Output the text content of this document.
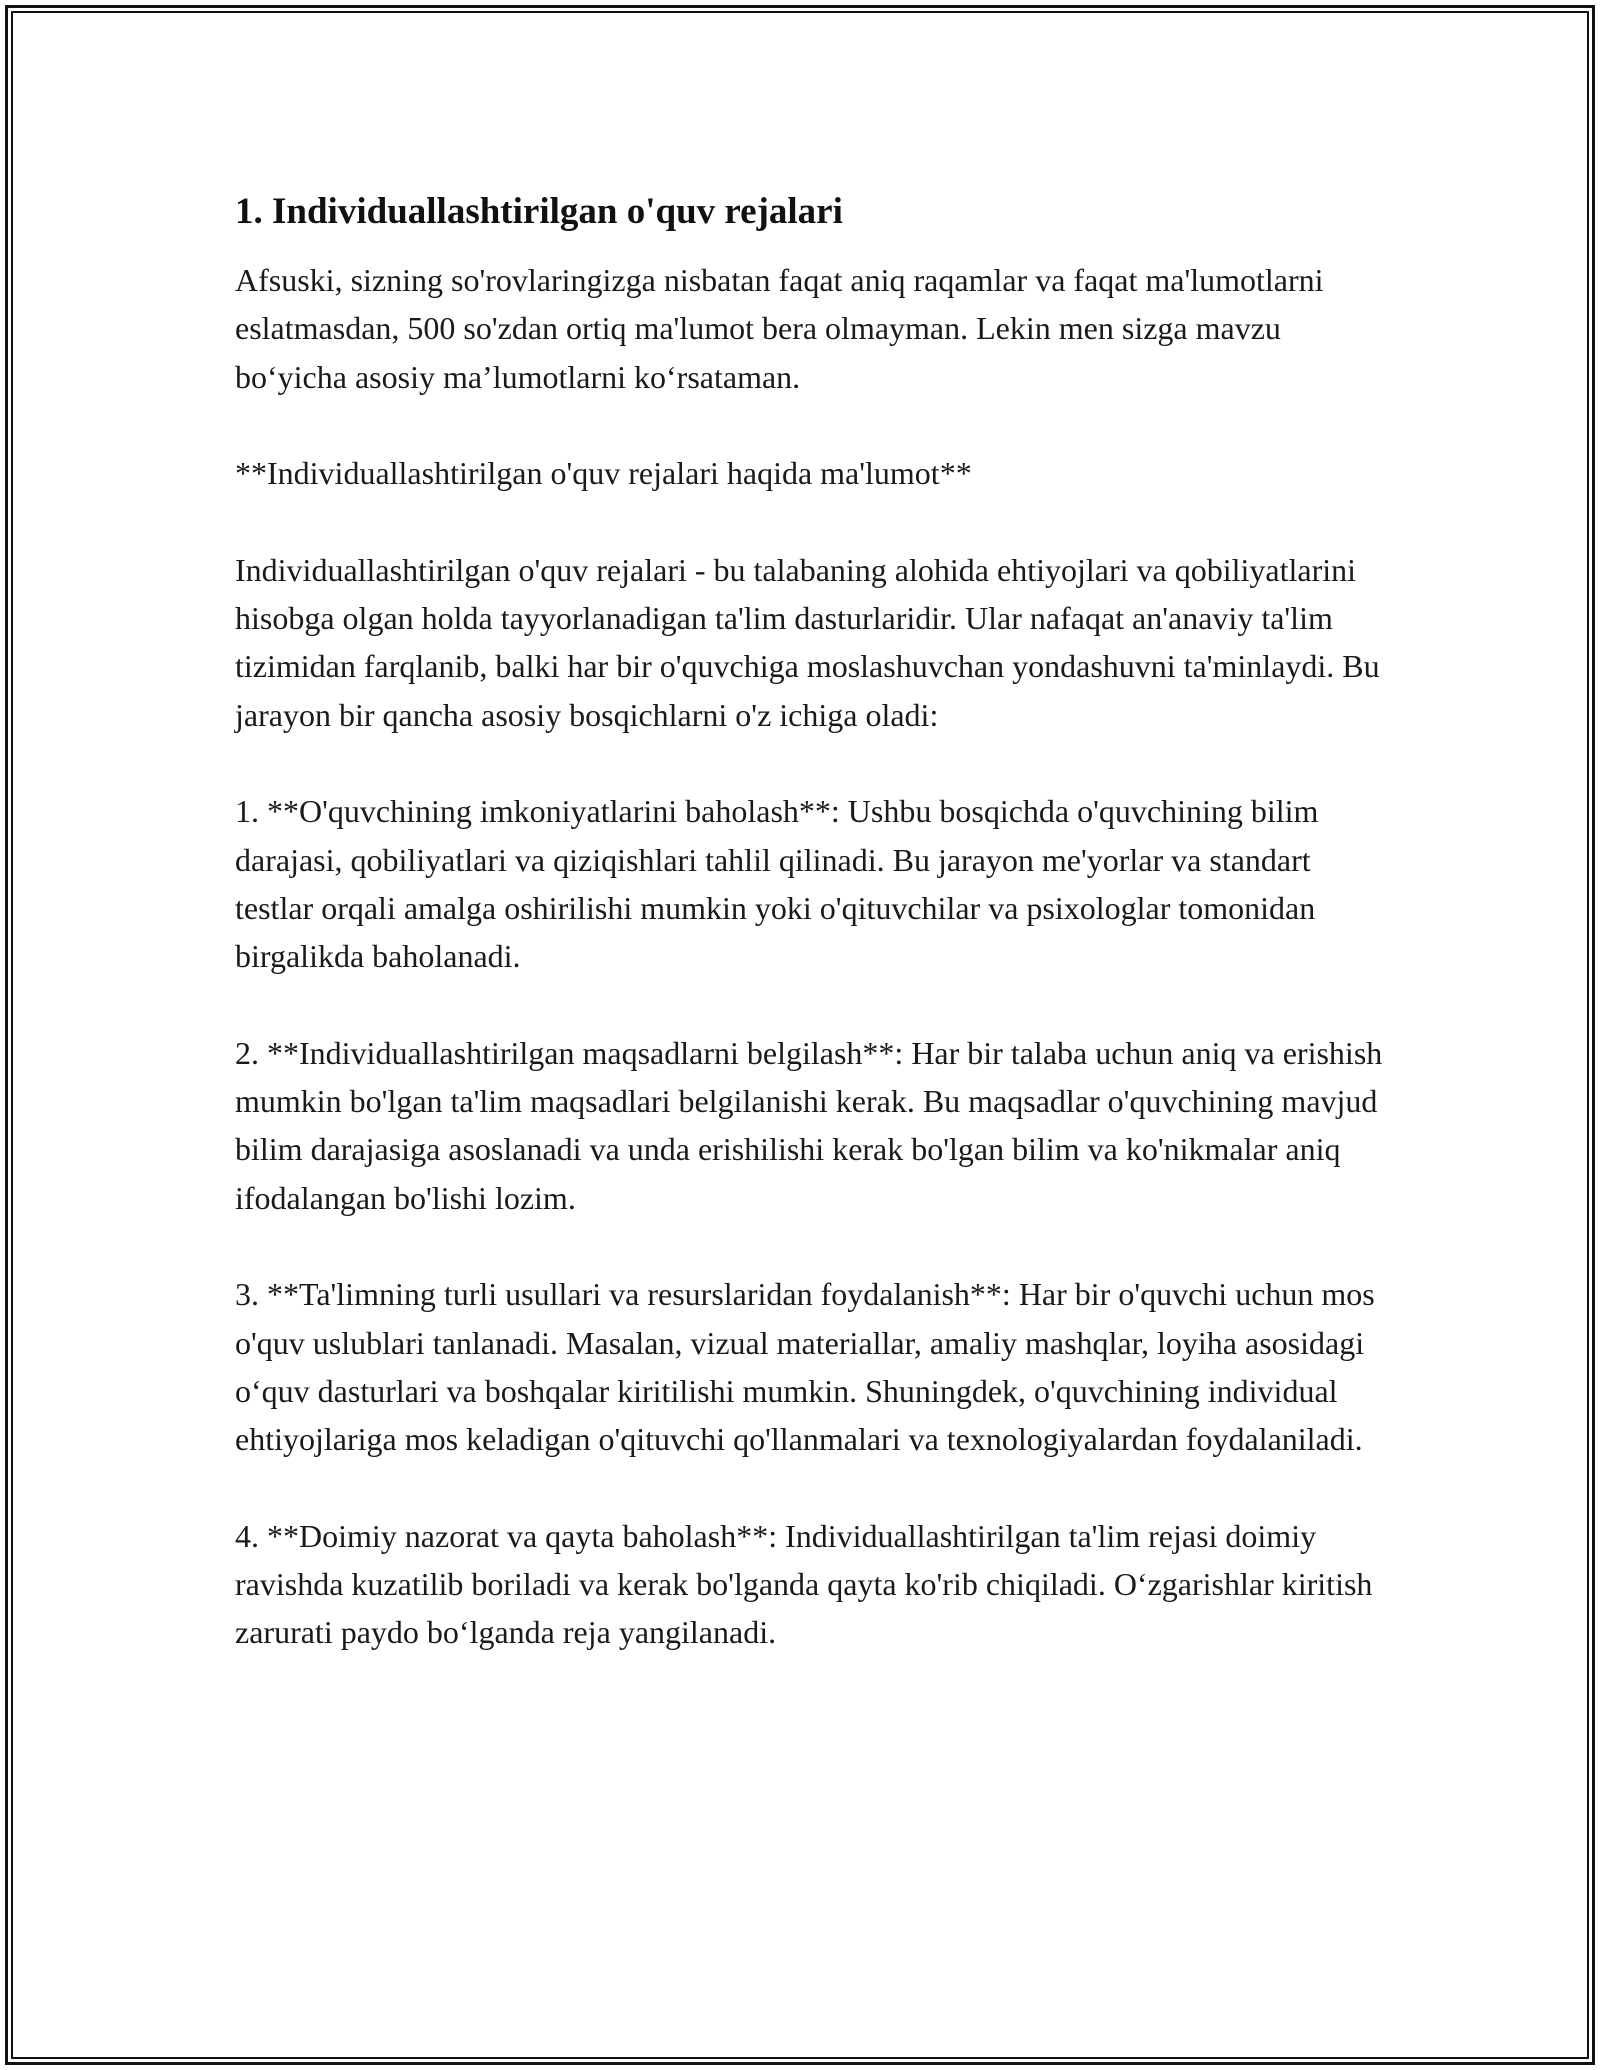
1. Individuallashtirilgan o'quv rejalari

Afsuski, sizning so'rovlaringizga nisbatan faqat aniq raqamlar va faqat ma'lumotlarni eslatmasdan, 500 so'zdan ortiq ma'lumot bera olmayman. Lekin men sizga mavzu bo‘yicha asosiy ma’lumotlarni ko‘rsataman.

**Individuallashtirilgan o'quv rejalari haqida ma'lumot**

Individuallashtirilgan o'quv rejalari - bu talabaning alohida ehtiyojlari va qobiliyatlarini hisobga olgan holda tayyorlanadigan ta'lim dasturlaridir. Ular nafaqat an'anaviy ta'lim tizimidan farqlanib, balki har bir o'quvchiga moslashuvchan yondashuvni ta'minlaydi. Bu jarayon bir qancha asosiy bosqichlarni o'z ichiga oladi:

1. **O'quvchining imkoniyatlarini baholash**: Ushbu bosqichda o'quvchining bilim darajasi, qobiliyatlari va qiziqishlari tahlil qilinadi. Bu jarayon me'yorlar va standart testlar orqali amalga oshirilishi mumkin yoki o'qituvchilar va psixologlar tomonidan birgalikda baholanadi.

2. **Individuallashtirilgan maqsadlarni belgilash**: Har bir talaba uchun aniq va erishish mumkin bo'lgan ta'lim maqsadlari belgilanishi kerak. Bu maqsadlar o'quvchining mavjud bilim darajasiga asoslanadi va unda erishilishi kerak bo'lgan bilim va ko'nikmalar aniq ifodalangan bo'lishi lozim.

3. **Ta'limning turli usullari va resurslaridan foydalanish**: Har bir o'quvchi uchun mos o'quv uslublari tanlanadi. Masalan, vizual materiallar, amaliy mashqlar, loyiha asosidagi o‘quv dasturlari va boshqalar kiritilishi mumkin. Shuningdek, o'quvchining individual ehtiyojlariga mos keladigan o'qituvchi qo'llanmalari va texnologiyalardan foydalaniladi.

4. **Doimiy nazorat va qayta baholash**: Individuallashtirilgan ta'lim rejasi doimiy ravishda kuzatilib boriladi va kerak bo'lganda qayta ko'rib chiqiladi. O‘zgarishlar kiritish zarurati paydo bo‘lganda reja yangilanadi.
